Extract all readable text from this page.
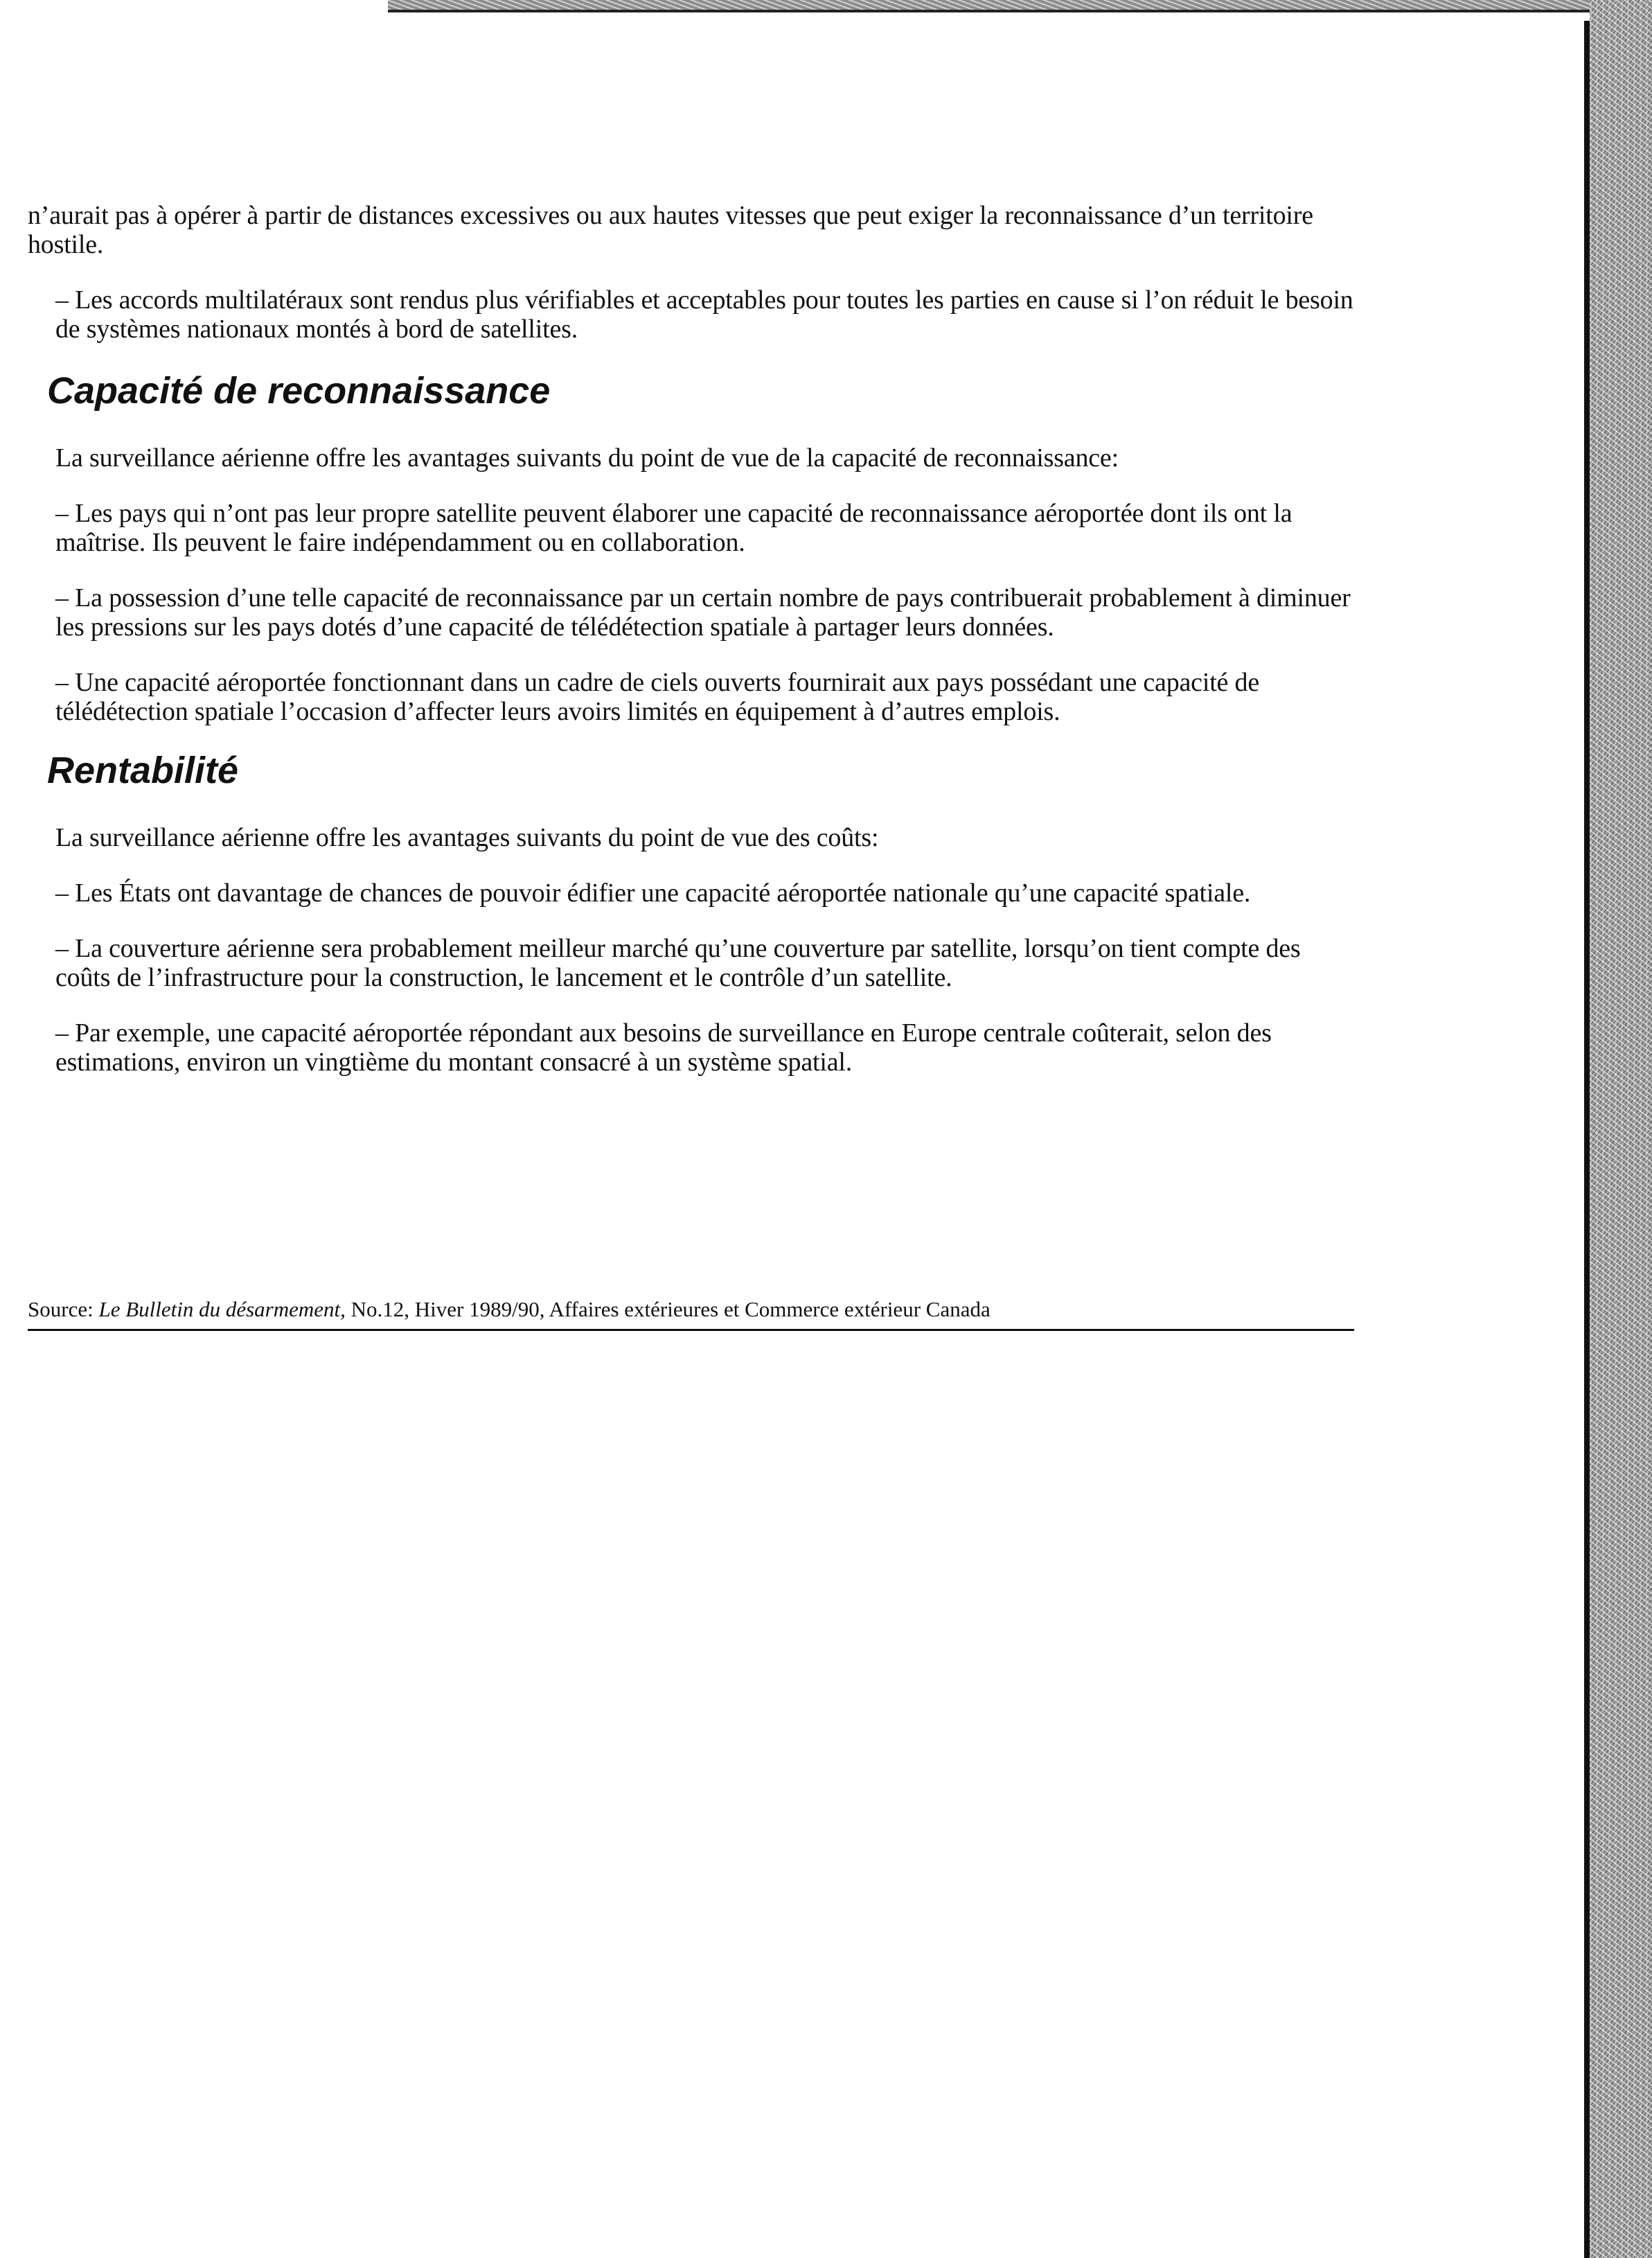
n’aurait pas à opérer à partir de distances excessives ou aux hautes vitesses que peut exiger la reconnaissance d’un territoire hostile.

– Les accords multilatéraux sont rendus plus vérifiables et acceptables pour toutes les parties en cause si l’on réduit le besoin de systèmes nationaux montés à bord de satellites.

Capacité de reconnaissance

La surveillance aérienne offre les avantages suivants du point de vue de la capacité de reconnaissance:

– Les pays qui n’ont pas leur propre satellite peuvent élaborer une capacité de reconnaissance aéroportée dont ils ont la maîtrise. Ils peuvent le faire indépendamment ou en collaboration.

– La possession d’une telle capacité de reconnaissance par un certain nombre de pays contribuerait probablement à diminuer les pressions sur les pays dotés d’une capacité de télédétection spatiale à partager leurs données.

– Une capacité aéroportée fonctionnant dans un cadre de ciels ouverts fournirait aux pays possédant une capacité de télédétection spatiale l’occasion d’affecter leurs avoirs limités en équipement à d’autres emplois.

Rentabilité

La surveillance aérienne offre les avantages suivants du point de vue des coûts:

– Les États ont davantage de chances de pouvoir édifier une capacité aéroportée nationale qu’une capacité spatiale.

– La couverture aérienne sera probablement meilleur marché qu’une couverture par satellite, lorsqu’on tient compte des coûts de l’infrastructure pour la construction, le lancement et le contrôle d’un satellite.

– Par exemple, une capacité aéroportée répondant aux besoins de surveillance en Europe centrale coûterait, selon des estimations, environ un vingtième du montant consacré à un système spatial.

Source: Le Bulletin du désarmement, No.12, Hiver 1989/90, Affaires extérieures et Commerce extérieur Canada
